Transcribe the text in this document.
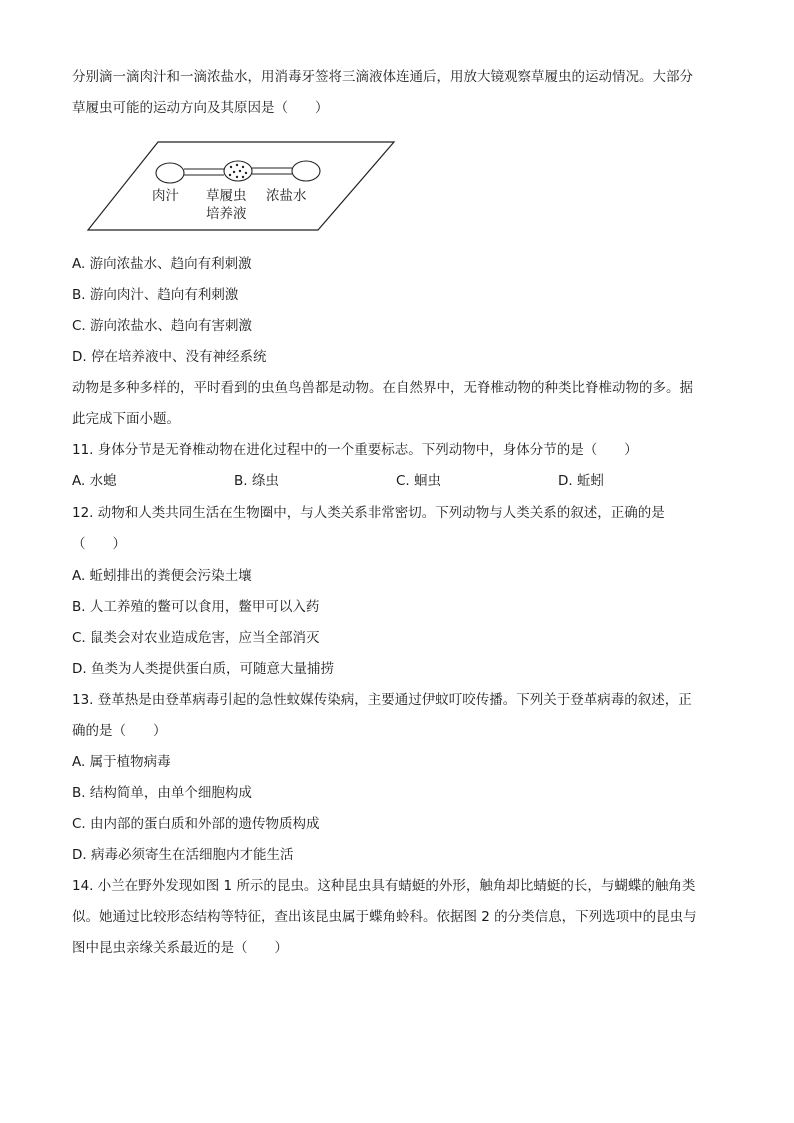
分别滴一滴肉汁和一滴浓盐水，用消毒牙签将三滴液体连通后，用放大镜观察草履虫的运动情况。大部分
草履虫可能的运动方向及其原因是（　　）
肉汁 草履虫
培养液
浓盐水
A. 游向浓盐水、趋向有利刺激
B. 游向肉汁、趋向有利刺激
C. 游向浓盐水、趋向有害刺激
D. 停在培养液中、没有神经系统
动物是多种多样的，平时看到的虫鱼鸟兽都是动物。在自然界中，无脊椎动物的种类比脊椎动物的多。据
此完成下面小题。
11. 身体分节是无脊椎动物在进化过程中的一个重要标志。下列动物中，身体分节的是（　　）
A. 水螅	B. 绦虫	C. 蛔虫	D. 蚯蚓
12. 动物和人类共同生活在生物圈中，与人类关系非常密切。下列动物与人类关系的叙述，正确的是
（　　）
A. 蚯蚓排出的粪便会污染土壤
B. 人工养殖的鳖可以食用，鳖甲可以入药
C. 鼠类会对农业造成危害，应当全部消灭
D. 鱼类为人类提供蛋白质，可随意大量捕捞
13. 登革热是由登革病毒引起的急性蚊媒传染病，主要通过伊蚊叮咬传播。下列关于登革病毒的叙述，正
确的是（　　）
A. 属于植物病毒
B. 结构简单，由单个细胞构成
C. 由内部的蛋白质和外部的遗传物质构成
D. 病毒必须寄生在活细胞内才能生活
14. 小兰在野外发现如图 1 所示的昆虫。这种昆虫具有蜻蜓的外形，触角却比蜻蜓的长，与蝴蝶的触角类
似。她通过比较形态结构等特征，查出该昆虫属于蝶角蛉科。依据图 2 的分类信息，下列选项中的昆虫与
图中昆虫亲缘关系最近的是（　　）
